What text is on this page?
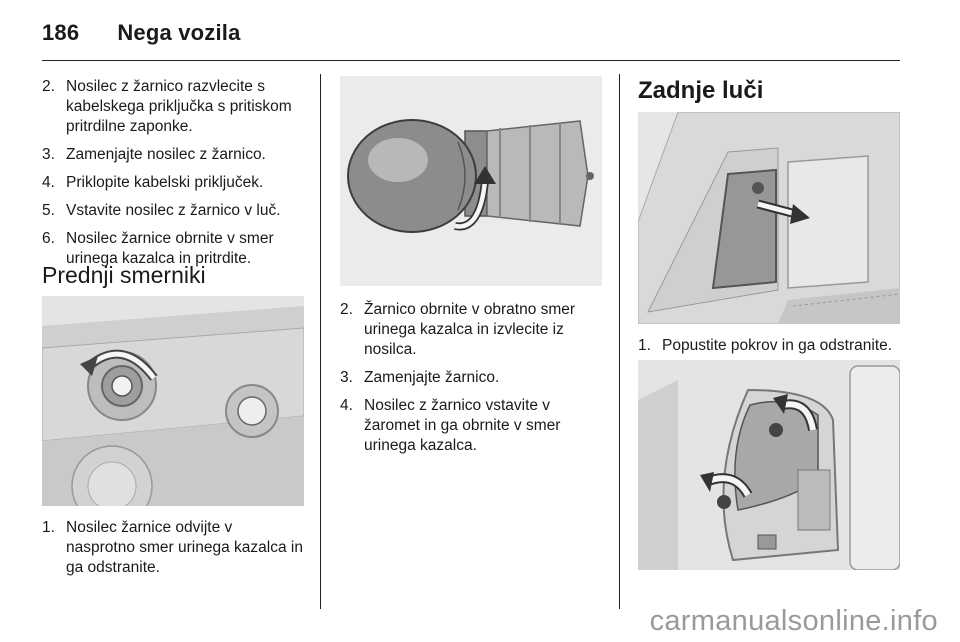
186 Nega vozila
2. Nosilec z žarnico razvlecite s kabelskega priključka s pritiskom pritrdilne zaponke.
3. Zamenjajte nosilec z žarnico.
4. Priklopite kabelski priključek.
5. Vstavite nosilec z žarnico v luč.
6. Nosilec žarnice obrnite v smer urinega kazalca in pritrdite.
Prednji smerniki
1. Nosilec žarnice odvijte v nasprotno smer urinega kazalca in ga odstranite.
2. Žarnico obrnite v obratno smer urinega kazalca in izvlecite iz nosilca.
3. Zamenjajte žarnico.
4. Nosilec z žarnico vstavite v žaromet in ga obrnite v smer urinega kazalca.
Zadnje luči
1. Popustite pokrov in ga odstranite.
carmanualsonline.info
